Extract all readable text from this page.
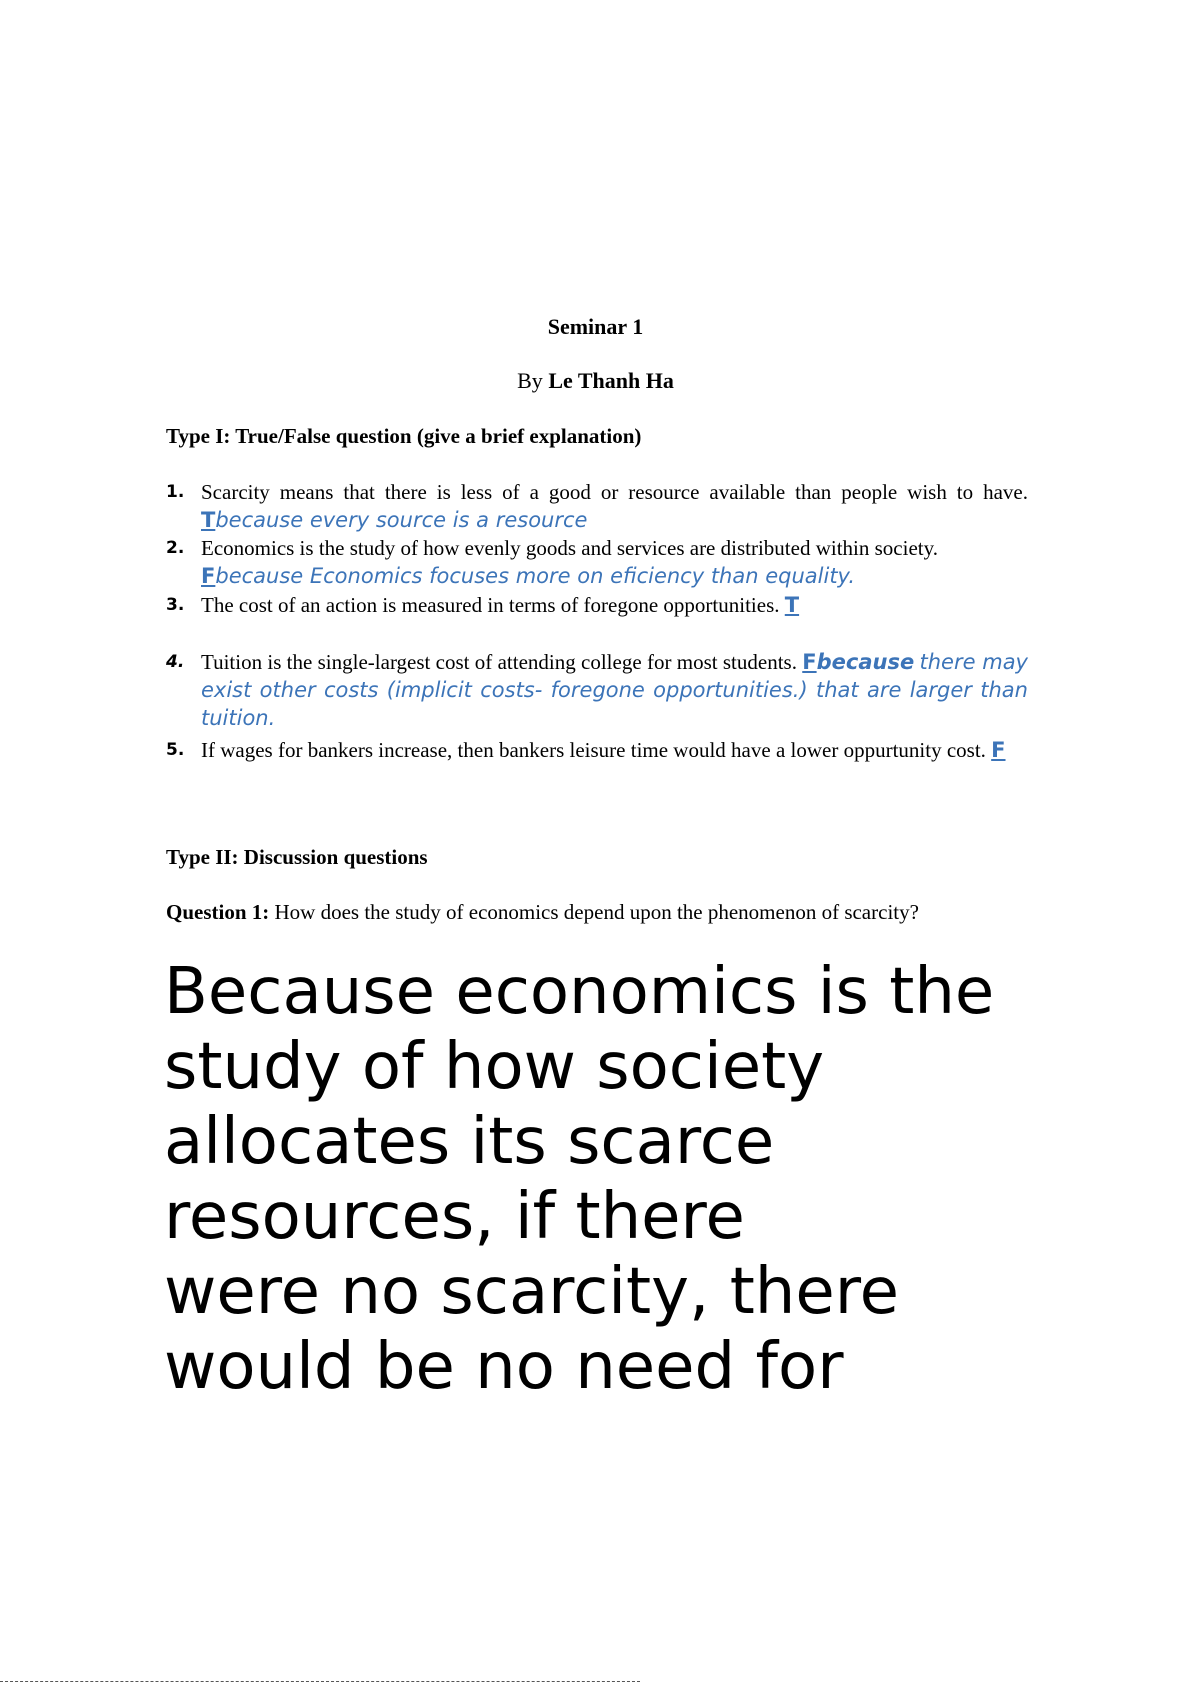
Seminar 1
By Le Thanh Ha
Type I: True/False question (give a brief explanation)
1. Scarcity means that there is less of a good or resource available than people wish to have. Tbecause every source is a resource
2. Economics is the study of how evenly goods and services are distributed within society.
Fbecause Economics focuses more on eficiency than equality.
3. The cost of an action is measured in terms of foregone opportunities. T
4. Tuition is the single-largest cost of attending college for most students. Fbecause there may exist other costs (implicit costs- foregone opportunities.) that are larger than tuition.
5. If wages for bankers increase, then bankers leisure time would have a lower oppurtunity cost. F
Type II: Discussion questions
Question 1: How does the study of economics depend upon the phenomenon of scarcity?
Because economics is the
study of how society
allocates its scarce
resources, if there
were no scarcity, there
would be no need for
